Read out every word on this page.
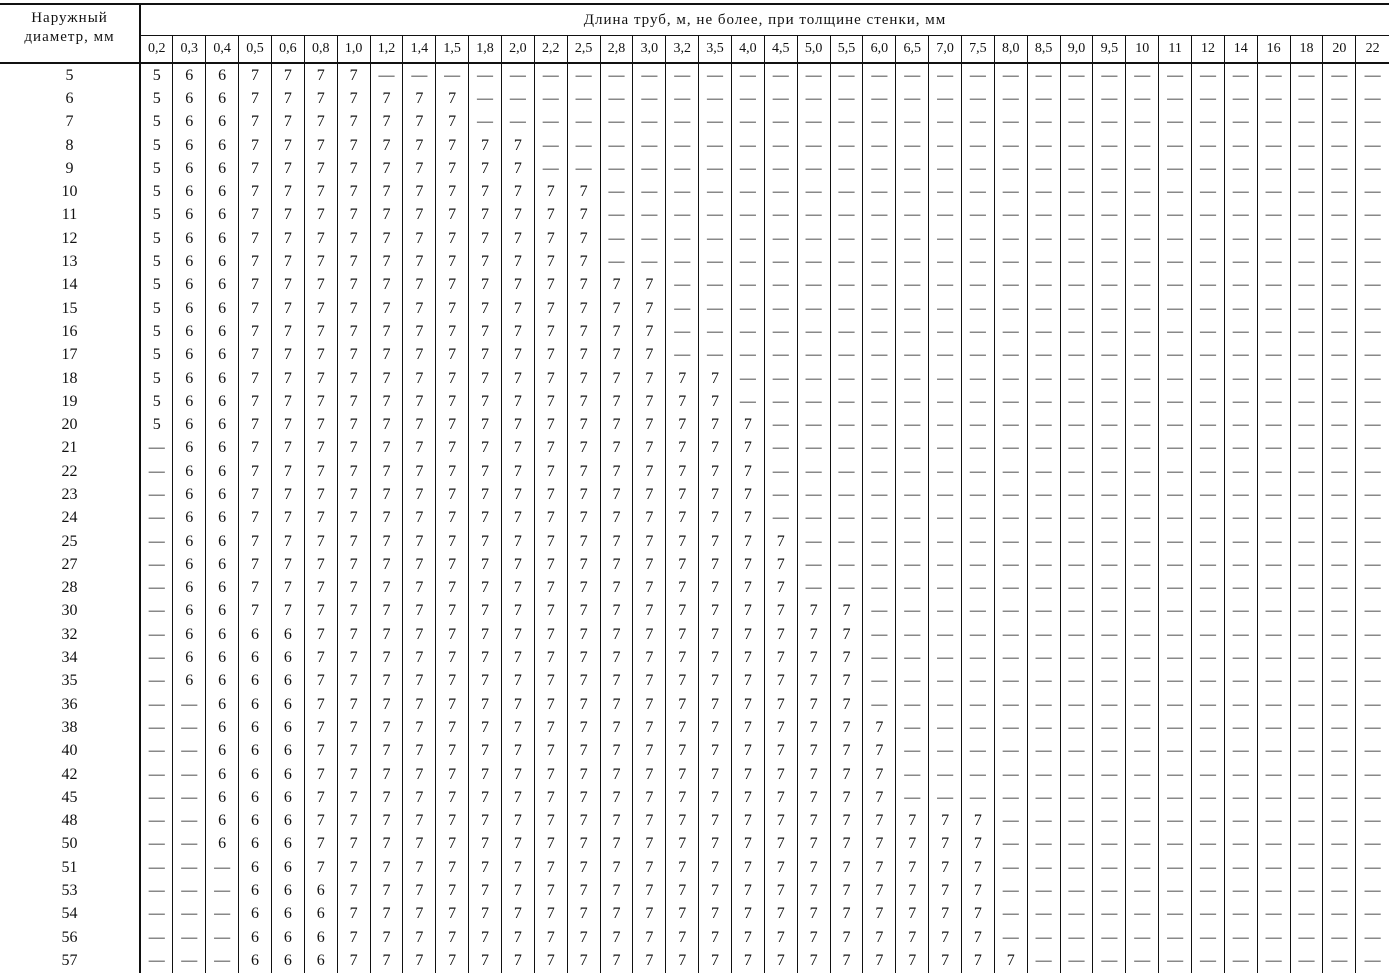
Наружный диаметр, мм	Длина труб, м, не более, при толщине стенки, мм																																					
	0,2	0,3	0,4	0,5	0,6	0,8	1,0	1,2	1,4	1,5	1,8	2,0	2,2	2,5	2,8	3,0	3,2	3,5	4,0	4,5	5,0	5,5	6,0	6,5	7,0	7,5	8,0	8,5	9,0	9,5	10	11	12	14	16	18	20	22
5	5	6	6	7	7	7	7	—	—	—	—	—	—	—	—	—	—	—	—	—	—	—	—	—	—	—	—	—	—	—	—	—	—	—	—	—	—	—
6	5	6	6	7	7	7	7	7	7	7	—	—	—	—	—	—	—	—	—	—	—	—	—	—	—	—	—	—	—	—	—	—	—	—	—	—	—	—
7	5	6	6	7	7	7	7	7	7	7	—	—	—	—	—	—	—	—	—	—	—	—	—	—	—	—	—	—	—	—	—	—	—	—	—	—	—	—
8	5	6	6	7	7	7	7	7	7	7	7	7	—	—	—	—	—	—	—	—	—	—	—	—	—	—	—	—	—	—	—	—	—	—	—	—	—	—
9	5	6	6	7	7	7	7	7	7	7	7	7	—	—	—	—	—	—	—	—	—	—	—	—	—	—	—	—	—	—	—	—	—	—	—	—	—	—
10	5	6	6	7	7	7	7	7	7	7	7	7	7	7	—	—	—	—	—	—	—	—	—	—	—	—	—	—	—	—	—	—	—	—	—	—	—	—
11	5	6	6	7	7	7	7	7	7	7	7	7	7	7	—	—	—	—	—	—	—	—	—	—	—	—	—	—	—	—	—	—	—	—	—	—	—	—
12	5	6	6	7	7	7	7	7	7	7	7	7	7	7	—	—	—	—	—	—	—	—	—	—	—	—	—	—	—	—	—	—	—	—	—	—	—	—
13	5	6	6	7	7	7	7	7	7	7	7	7	7	7	—	—	—	—	—	—	—	—	—	—	—	—	—	—	—	—	—	—	—	—	—	—	—	—
14	5	6	6	7	7	7	7	7	7	7	7	7	7	7	7	7	—	—	—	—	—	—	—	—	—	—	—	—	—	—	—	—	—	—	—	—	—	—
15	5	6	6	7	7	7	7	7	7	7	7	7	7	7	7	7	—	—	—	—	—	—	—	—	—	—	—	—	—	—	—	—	—	—	—	—	—	—
16	5	6	6	7	7	7	7	7	7	7	7	7	7	7	7	7	—	—	—	—	—	—	—	—	—	—	—	—	—	—	—	—	—	—	—	—	—	—
17	5	6	6	7	7	7	7	7	7	7	7	7	7	7	7	7	—	—	—	—	—	—	—	—	—	—	—	—	—	—	—	—	—	—	—	—	—	—
18	5	6	6	7	7	7	7	7	7	7	7	7	7	7	7	7	7	7	—	—	—	—	—	—	—	—	—	—	—	—	—	—	—	—	—	—	—	—
19	5	6	6	7	7	7	7	7	7	7	7	7	7	7	7	7	7	7	—	—	—	—	—	—	—	—	—	—	—	—	—	—	—	—	—	—	—	—
20	5	6	6	7	7	7	7	7	7	7	7	7	7	7	7	7	7	7	7	—	—	—	—	—	—	—	—	—	—	—	—	—	—	—	—	—	—	—
21	—	6	6	7	7	7	7	7	7	7	7	7	7	7	7	7	7	7	7	—	—	—	—	—	—	—	—	—	—	—	—	—	—	—	—	—	—	—
22	—	6	6	7	7	7	7	7	7	7	7	7	7	7	7	7	7	7	7	—	—	—	—	—	—	—	—	—	—	—	—	—	—	—	—	—	—	—
23	—	6	6	7	7	7	7	7	7	7	7	7	7	7	7	7	7	7	7	—	—	—	—	—	—	—	—	—	—	—	—	—	—	—	—	—	—	—
24	—	6	6	7	7	7	7	7	7	7	7	7	7	7	7	7	7	7	7	—	—	—	—	—	—	—	—	—	—	—	—	—	—	—	—	—	—	—
25	—	6	6	7	7	7	7	7	7	7	7	7	7	7	7	7	7	7	7	7	—	—	—	—	—	—	—	—	—	—	—	—	—	—	—	—	—	—
27	—	6	6	7	7	7	7	7	7	7	7	7	7	7	7	7	7	7	7	7	—	—	—	—	—	—	—	—	—	—	—	—	—	—	—	—	—	—
28	—	6	6	7	7	7	7	7	7	7	7	7	7	7	7	7	7	7	7	7	—	—	—	—	—	—	—	—	—	—	—	—	—	—	—	—	—	—
30	—	6	6	7	7	7	7	7	7	7	7	7	7	7	7	7	7	7	7	7	7	7	—	—	—	—	—	—	—	—	—	—	—	—	—	—	—	—
32	—	6	6	6	6	7	7	7	7	7	7	7	7	7	7	7	7	7	7	7	7	7	—	—	—	—	—	—	—	—	—	—	—	—	—	—	—	—
34	—	6	6	6	6	7	7	7	7	7	7	7	7	7	7	7	7	7	7	7	7	7	—	—	—	—	—	—	—	—	—	—	—	—	—	—	—	—
35	—	6	6	6	6	7	7	7	7	7	7	7	7	7	7	7	7	7	7	7	7	7	—	—	—	—	—	—	—	—	—	—	—	—	—	—	—	—
36	—	—	6	6	6	7	7	7	7	7	7	7	7	7	7	7	7	7	7	7	7	7	—	—	—	—	—	—	—	—	—	—	—	—	—	—	—	—
38	—	—	6	6	6	7	7	7	7	7	7	7	7	7	7	7	7	7	7	7	7	7	7	—	—	—	—	—	—	—	—	—	—	—	—	—	—	—
40	—	—	6	6	6	7	7	7	7	7	7	7	7	7	7	7	7	7	7	7	7	7	7	—	—	—	—	—	—	—	—	—	—	—	—	—	—	—
42	—	—	6	6	6	7	7	7	7	7	7	7	7	7	7	7	7	7	7	7	7	7	7	—	—	—	—	—	—	—	—	—	—	—	—	—	—	—
45	—	—	6	6	6	7	7	7	7	7	7	7	7	7	7	7	7	7	7	7	7	7	7	—	—	—	—	—	—	—	—	—	—	—	—	—	—	—
48	—	—	6	6	6	7	7	7	7	7	7	7	7	7	7	7	7	7	7	7	7	7	7	7	7	7	—	—	—	—	—	—	—	—	—	—	—	—
50	—	—	6	6	6	7	7	7	7	7	7	7	7	7	7	7	7	7	7	7	7	7	7	7	7	7	—	—	—	—	—	—	—	—	—	—	—	—
51	—	—	—	6	6	7	7	7	7	7	7	7	7	7	7	7	7	7	7	7	7	7	7	7	7	7	—	—	—	—	—	—	—	—	—	—	—	—
53	—	—	—	6	6	6	7	7	7	7	7	7	7	7	7	7	7	7	7	7	7	7	7	7	7	7	—	—	—	—	—	—	—	—	—	—	—	—
54	—	—	—	6	6	6	7	7	7	7	7	7	7	7	7	7	7	7	7	7	7	7	7	7	7	7	—	—	—	—	—	—	—	—	—	—	—	—
56	—	—	—	6	6	6	7	7	7	7	7	7	7	7	7	7	7	7	7	7	7	7	7	7	7	7	—	—	—	—	—	—	—	—	—	—	—	—
57	—	—	—	6	6	6	7	7	7	7	7	7	7	7	7	7	7	7	7	7	7	7	7	7	7	7	7	—	—	—	—	—	—	—	—	—	—	—
